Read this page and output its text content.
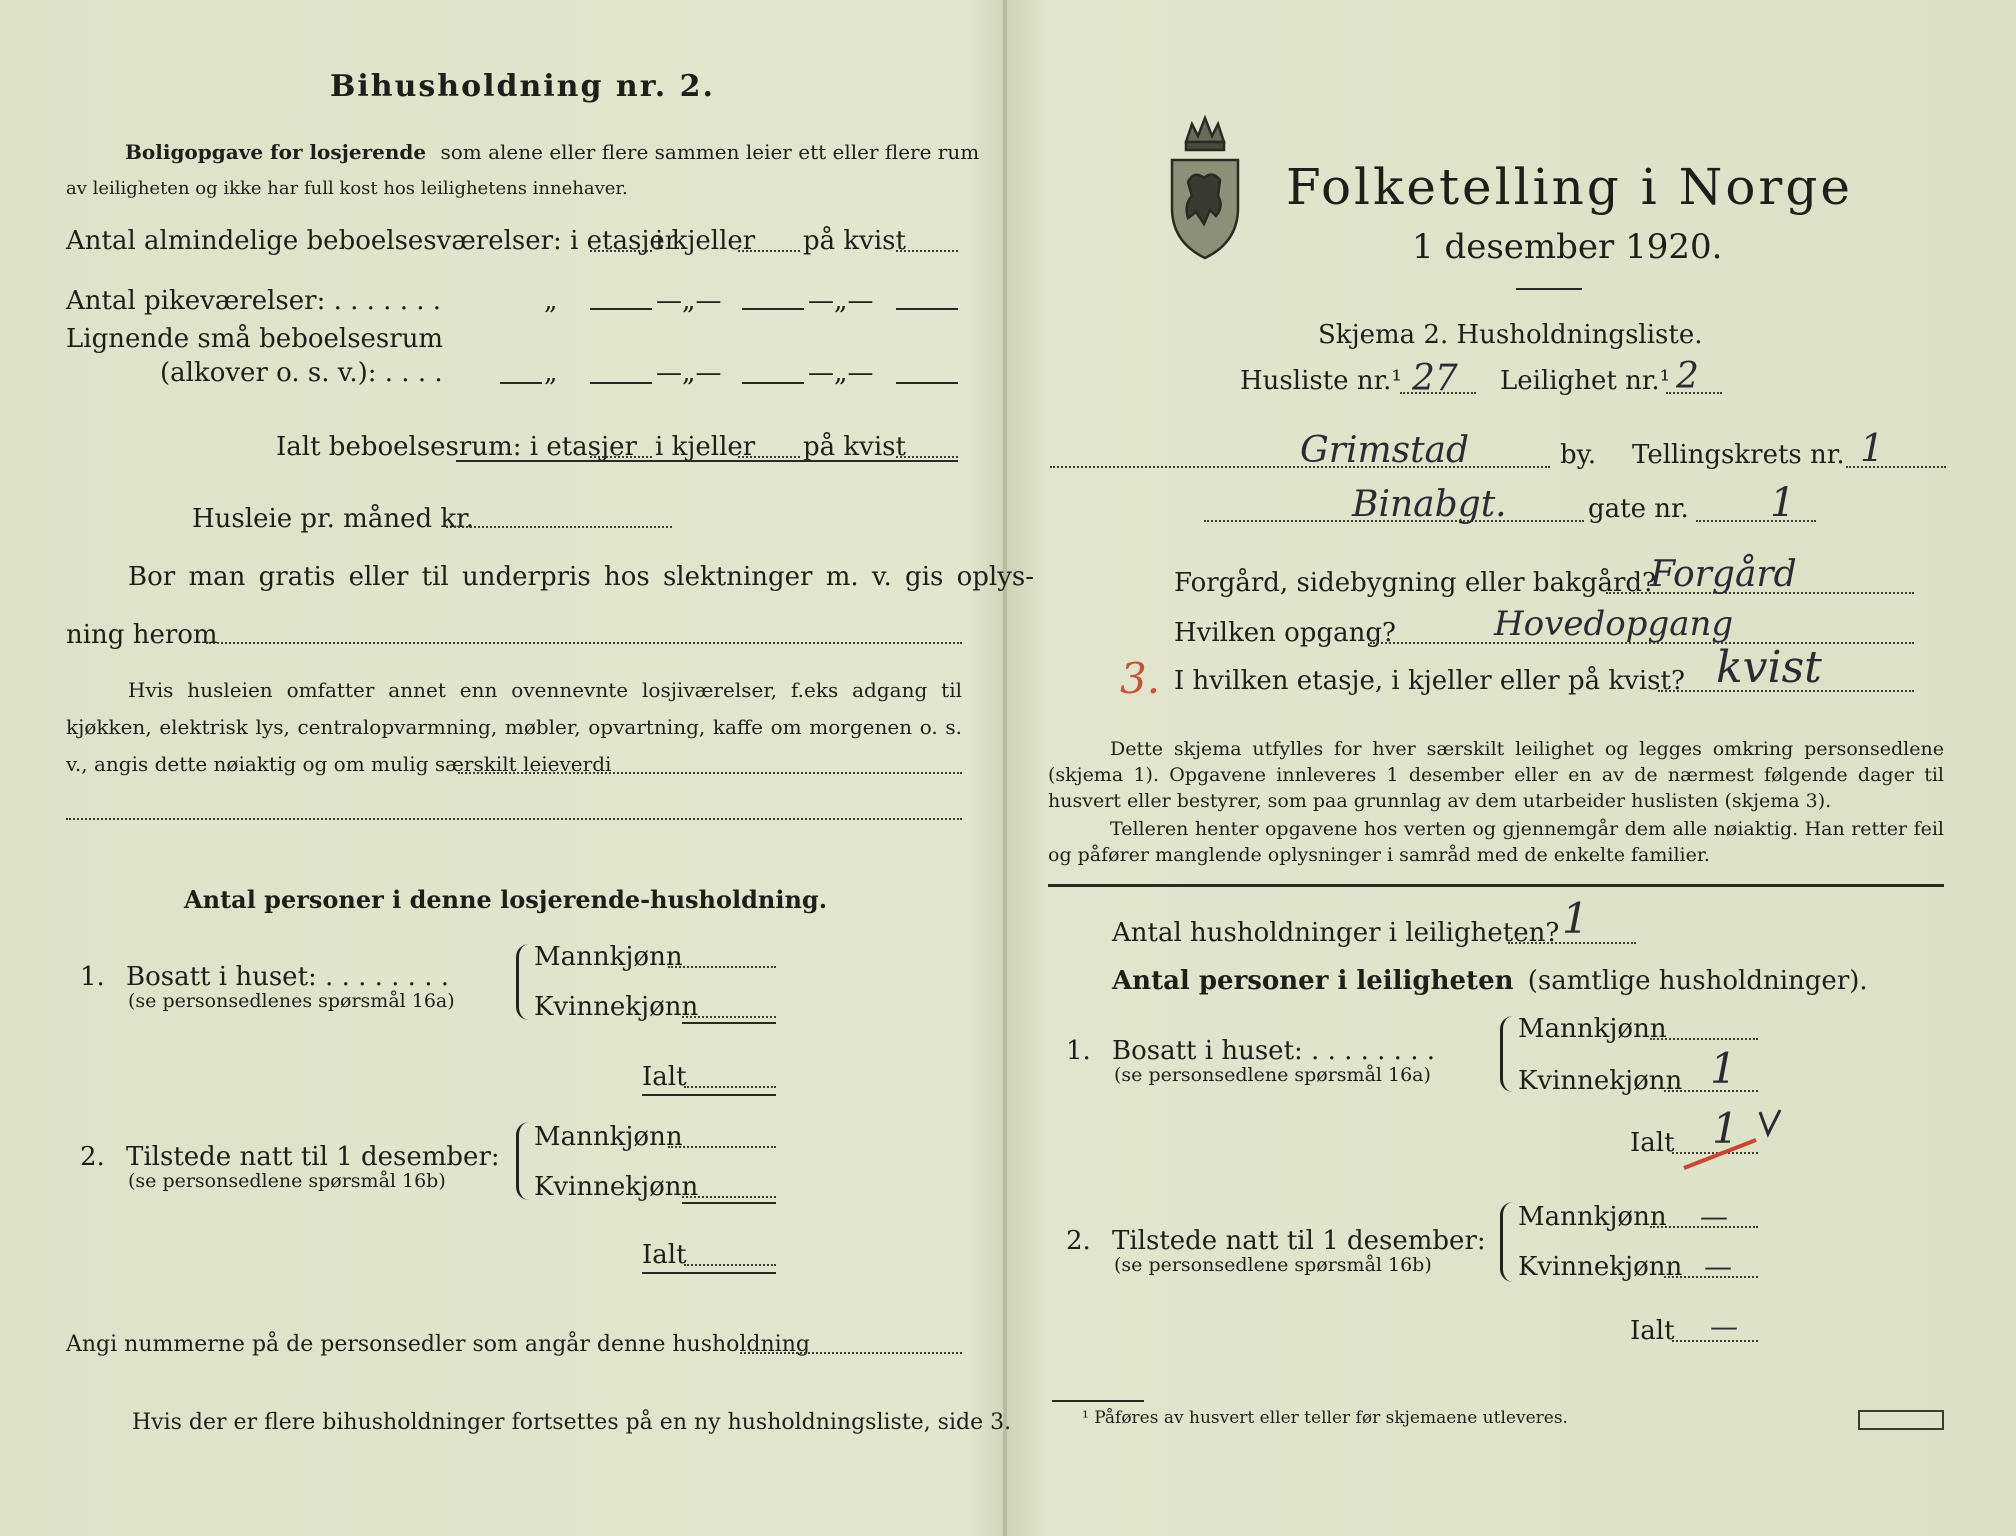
Bihusholdning nr. 2.
Boligopgave for losjerende som alene eller flere sammen leier ett eller flere rum
av leiligheten og ikke har full kost hos leilighetens innehaver.
Antal almindelige beboelsesværelser: i etasjer
i kjeller på kvist
Antal pikeværelser: . . . . . . .	„	—„—	—„—
Lignende små beboelsesrum
(alkover o. s. v.): . . . .	„	—„—	—„—
Ialt beboelsesrum: i etasjer i kjeller på kvist
Husleie pr. måned kr.
Bor man gratis eller til underpris hos slektninger m. v. gis oplys-
ning herom
Hvis husleien omfatter annet enn ovennevnte losjiværelser, f.eks adgang til kjøkken, elektrisk lys, centralopvarmning, møbler, opvartning, kaffe om morgenen o. s. v., angis dette nøiaktig og om mulig særskilt leieverdi
Antal personer i denne losjerende-husholdning.
1. Bosatt i huset: . . . . . . . .
(se personsedlenes spørsmål 16a)
Mannkjønn
Kvinnekjønn
Ialt
2. Tilstede natt til 1 desember:
(se personsedlene spørsmål 16b)
Mannkjønn
Kvinnekjønn
Ialt
Angi nummerne på de personsedler som angår denne husholdning
Hvis der er flere bihusholdninger fortsettes på en ny husholdningsliste, side 3.
Folketelling i Norge
1 desember 1920.
Skjema 2. Husholdningsliste.
Husliste nr.¹ 27 Leilighet nr.¹ 2
Grimstad	by. Tellingskrets nr. 1
Binabgt.	gate nr. 1
Forgård, sidebygning eller bakgård?
Forgård
Hvilken opgang?	Hovedopgang
3. I hvilken etasje, i kjeller eller på kvist? kvist
Dette skjema utfylles for hver særskilt leilighet og legges omkring personsedlene (skjema 1). Opgavene innleveres 1 desember eller en av de nærmest følgende dager til husvert eller bestyrer, som paa grunnlag av dem utarbeider huslisten (skjema 3).
Telleren henter opgavene hos verten og gjennemgår dem alle nøiaktig. Han retter feil og påfører manglende oplysninger i samråd med de enkelte familier.
Antal husholdninger i leiligheten? 1
Antal personer i leiligheten (samtlige husholdninger).
1. Bosatt i huset: . . . . . . . .
(se personsedlene spørsmål 16a)
Mannkjønn
Kvinnekjønn 1
Ialt 1
2. Tilstede natt til 1 desember:
(se personsedlene spørsmål 16b)
Mannkjønn —
Kvinnekjønn —
Ialt —
¹ Påføres av husvert eller teller før skjemaene utleveres.
